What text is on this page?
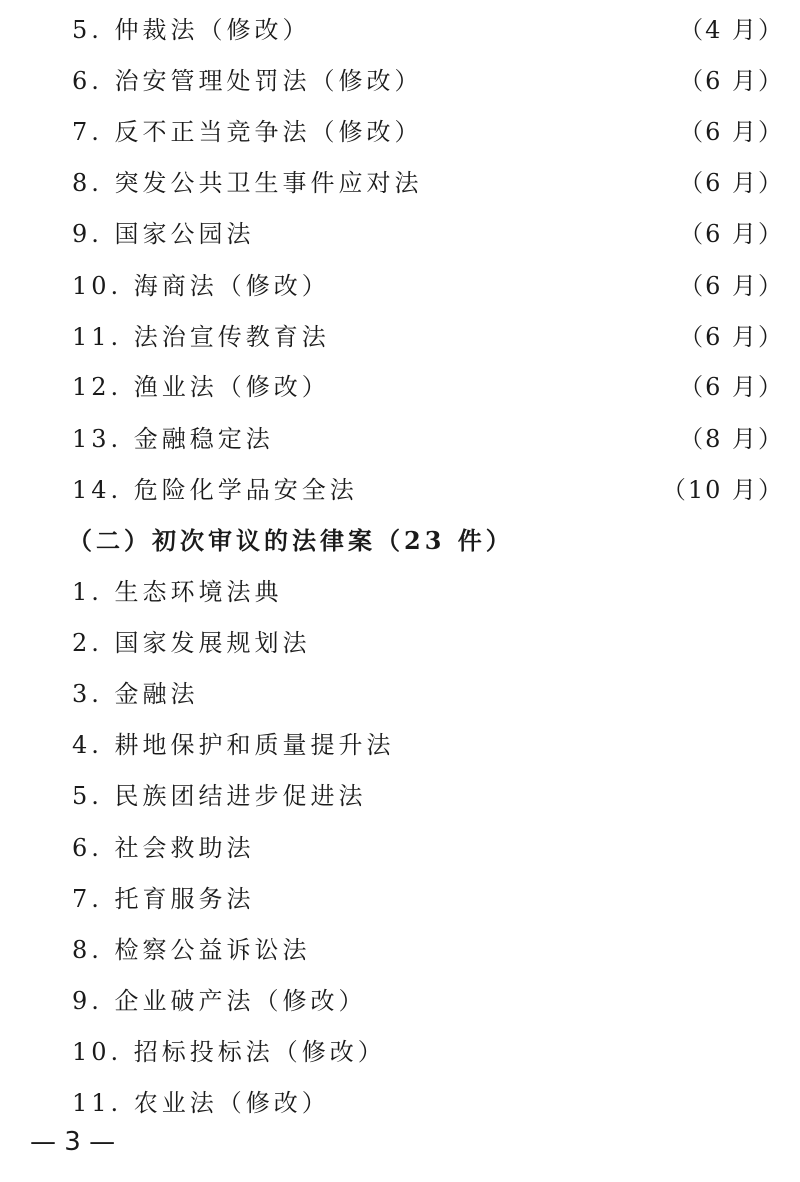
5. 仲裁法（修改）	（4 月）
6. 治安管理处罚法（修改）	（6 月）
7. 反不正当竞争法（修改）	（6 月）
8. 突发公共卫生事件应对法	（6 月）
9. 国家公园法	（6 月）
10. 海商法（修改）	（6 月）
11. 法治宣传教育法	（6 月）
12. 渔业法（修改）	（6 月）
13. 金融稳定法	（8 月）
14. 危险化学品安全法	（10 月）
（二）初次审议的法律案（23 件）
1. 生态环境法典
2. 国家发展规划法
3. 金融法
4. 耕地保护和质量提升法
5. 民族团结进步促进法
6. 社会救助法
7. 托育服务法
8. 检察公益诉讼法
9. 企业破产法（修改）
10. 招标投标法（修改）
11. 农业法（修改）
— 3 —
